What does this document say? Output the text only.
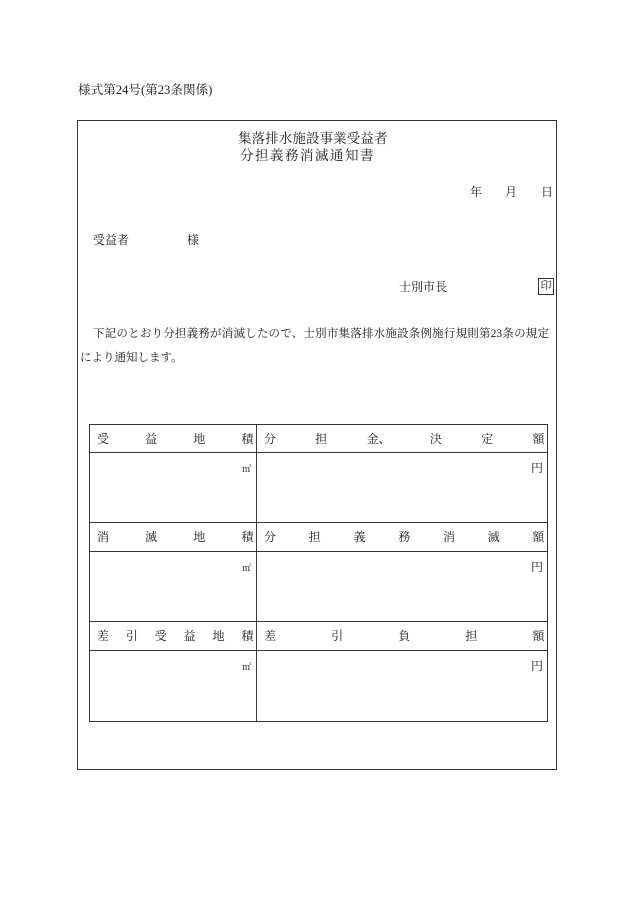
様式第24号(第23条関係)
集落排水施設事業受益者
分 担 義 務 消 滅 通 知 書
年 月 日
受益者	様
士別市長	印
下記のとおり分担義務が消滅したので、士別市集落排水施設条例施行規則第23条の規定により通知します。
受 益 地 積	分 担 金、 決 定 額

㎡	円

消 滅 地 積	分 担 義 務 消 滅 額

㎡	円

差 引 受 益 地 積	差 引 負 担 額

㎡	円
